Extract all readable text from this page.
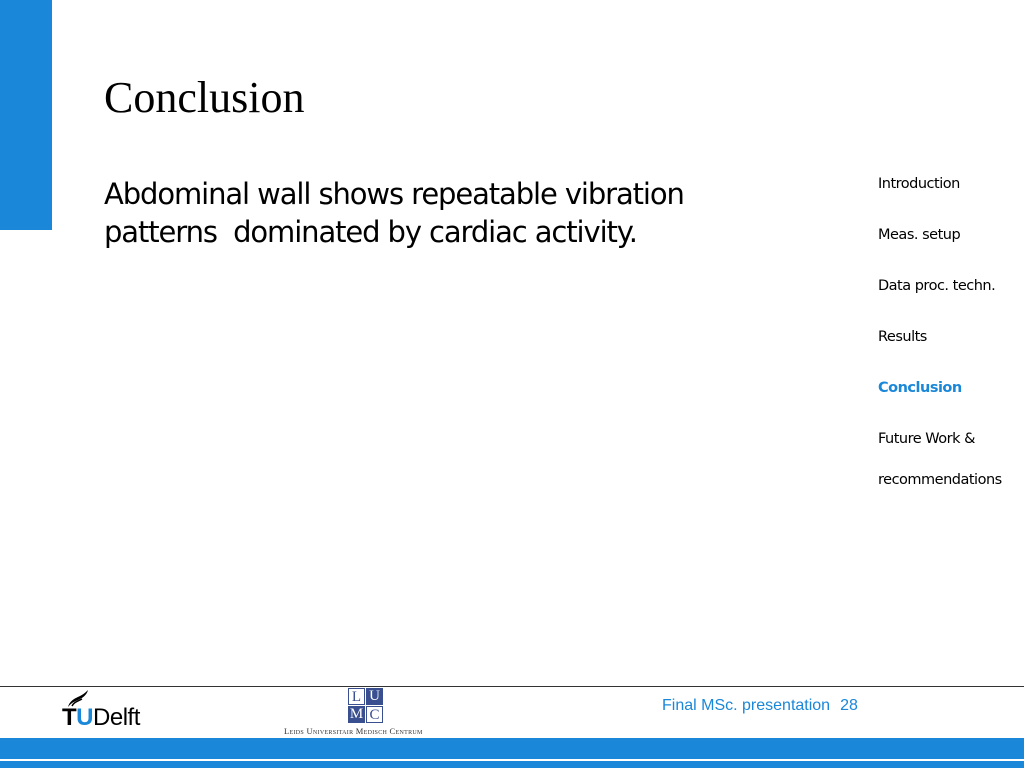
Conclusion
Abdominal wall shows repeatable vibration
patterns  dominated by cardiac activity.
Introduction
Meas. setup
Data proc. techn.
Results
Conclusion
Future Work &
recommendations
TUDelft
L U
M C
Leids Universitair Medisch Centrum
Final MSc. presentation 28
